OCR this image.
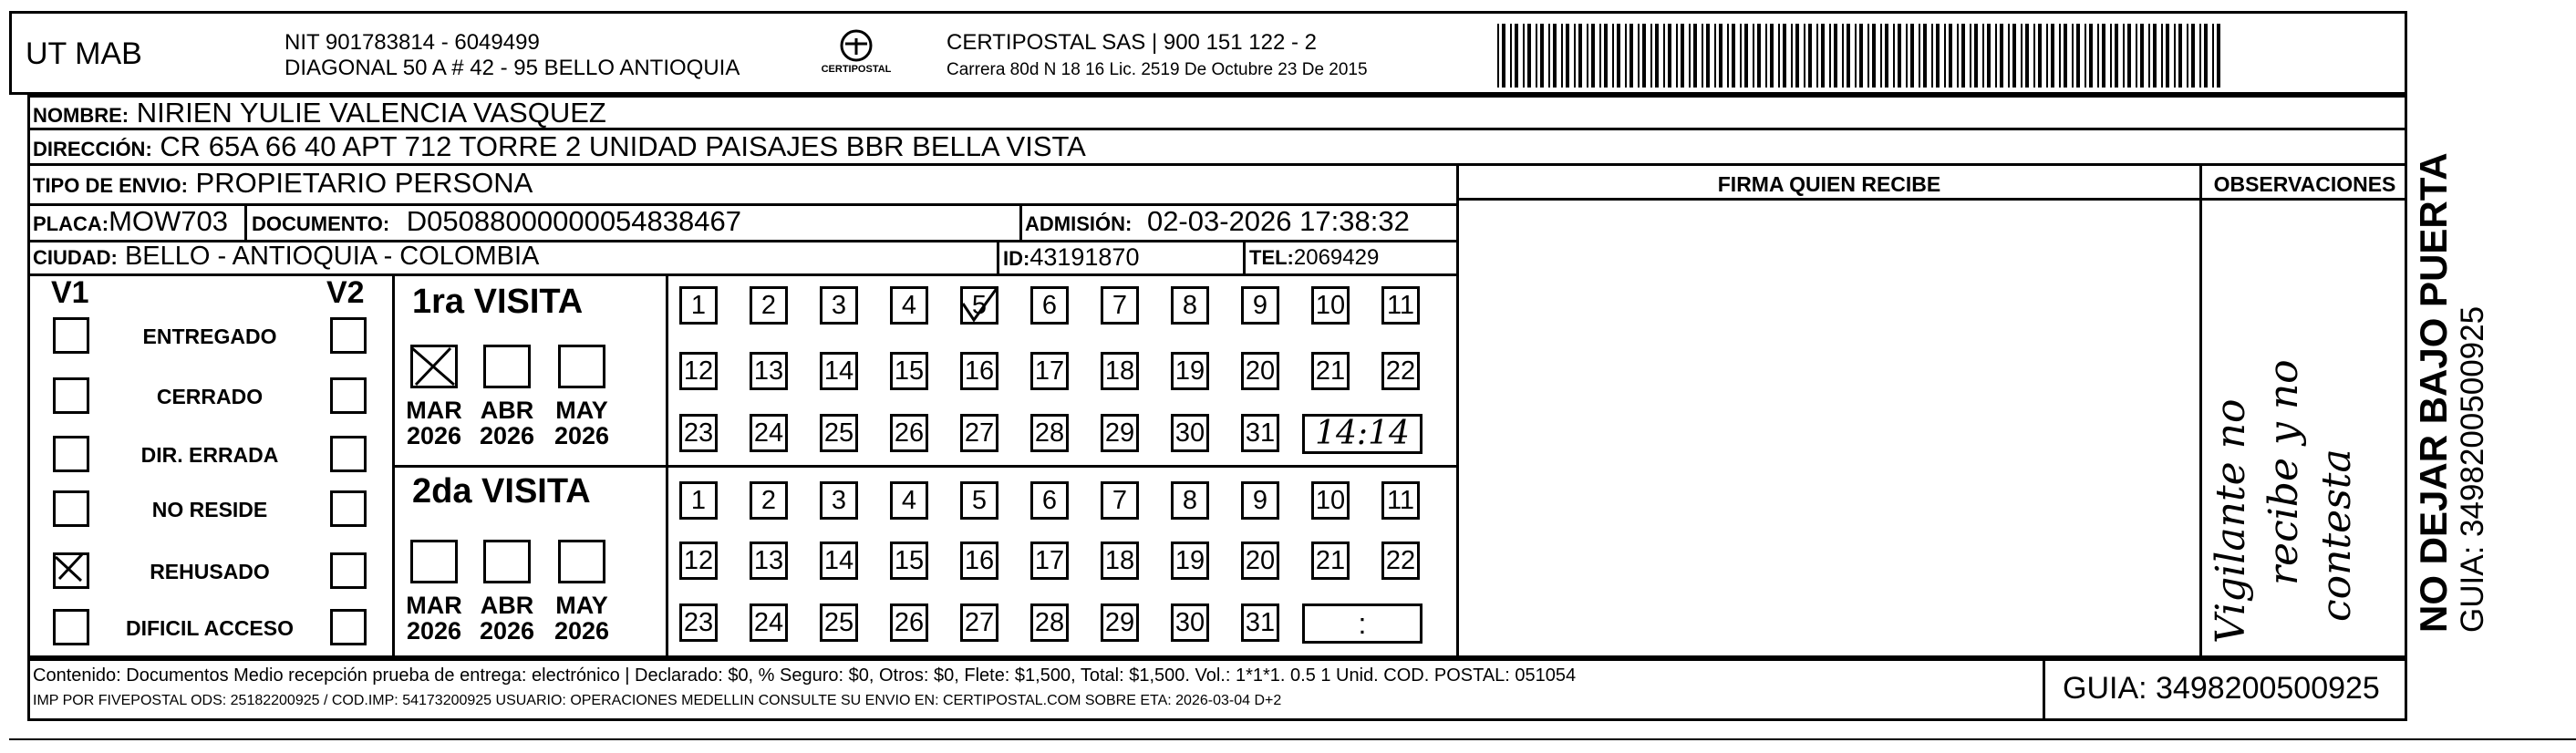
UT MAB	NIT 901783814 - 6049499
DIAGONAL 50 A # 42 - 95 BELLO ANTIOQUIA	CERTIPOSTAL
CERTIPOSTAL SAS | 900 151 122 - 2
Carrera 80d N 18 16 Lic. 2519 De Octubre 23 De 2015
NOMBRE: NIRIEN YULIE VALENCIA VASQUEZ
DIRECCIÓN: CR 65A 66 40 APT 712 TORRE 2 UNIDAD PAISAJES BBR BELLA VISTA
TIPO DE ENVIO: PROPIETARIO PERSONA
PLACA:MOW703 DOCUMENTO: D05088000000054838467	ADMISIÓN: 02-03-2026 17:38:32
CIUDAD: BELLO - ANTIOQUIA - COLOMBIA	ID:43191870	TEL:2069429
FIRMA QUIEN RECIBE	OBSERVACIONES
V1	V2
ENTREGADO
CERRADO
DIR. ERRADA
NO RESIDE
REHUSADO
DIFICIL ACCESO
1ra VISITA
2da VISITA
MAR
2026
ABR
2026
MAY
2026
MAR
2026
ABR
2026
MAY
2026
1	2	3	4	5	6	7	8	9	10 11
12 13 14 15 16 17 18 19 20 21 22
23 24 25 26 27 28 29 30 31	14:14
1	2	3	4	5	6	7	8	9	10 11
12 13 14 15 16 17 18 19 20 21 22
23 24 25 26 27 28 29 30 31	:	Vigilante no recibe y no contesta NO DEJAR BAJO PUERTA GUIA: 3498200500925
Contenido: Documentos Medio recepción prueba de entrega: electrónico | Declarado: $0, % Seguro: $0, Otros: $0, Flete: $1,500, Total: $1,500. Vol.: 1*1*1. 0.5 1 Unid. COD. POSTAL: 051054
IMP POR FIVEPOSTAL ODS: 25182200925 / COD.IMP: 54173200925 USUARIO: OPERACIONES MEDELLIN CONSULTE SU ENVIO EN: CERTIPOSTAL.COM SOBRE ETA: 2026-03-04 D+2	GUIA: 3498200500925
